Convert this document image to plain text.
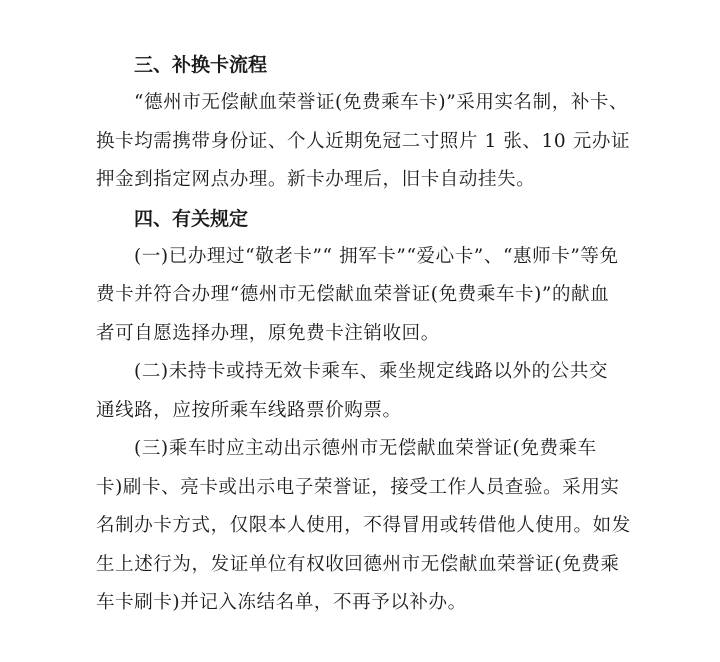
三、补换卡流程

“德州市无偿献血荣誉证(免费乘车卡)”采用实名制，补卡、
换卡均需携带身份证、个人近期免冠二寸照片 1 张、10 元办证
押金到指定网点办理。新卡办理后，旧卡自动挂失。

四、有关规定

(一)已办理过“敬老卡”“ 拥军卡”“爱心卡”、“惠师卡”等免
费卡并符合办理“德州市无偿献血荣誉证(免费乘车卡)”的献血
者可自愿选择办理，原免费卡注销收回。

(二)未持卡或持无效卡乘车、乘坐规定线路以外的公共交
通线路，应按所乘车线路票价购票。

(三)乘车时应主动出示德州市无偿献血荣誉证(免费乘车
卡)刷卡、亮卡或出示电子荣誉证，接受工作人员查验。采用实
名制办卡方式，仅限本人使用，不得冒用或转借他人使用。如发
生上述行为，发证单位有权收回德州市无偿献血荣誉证(免费乘
车卡刷卡)并记入冻结名单，不再予以补办。
